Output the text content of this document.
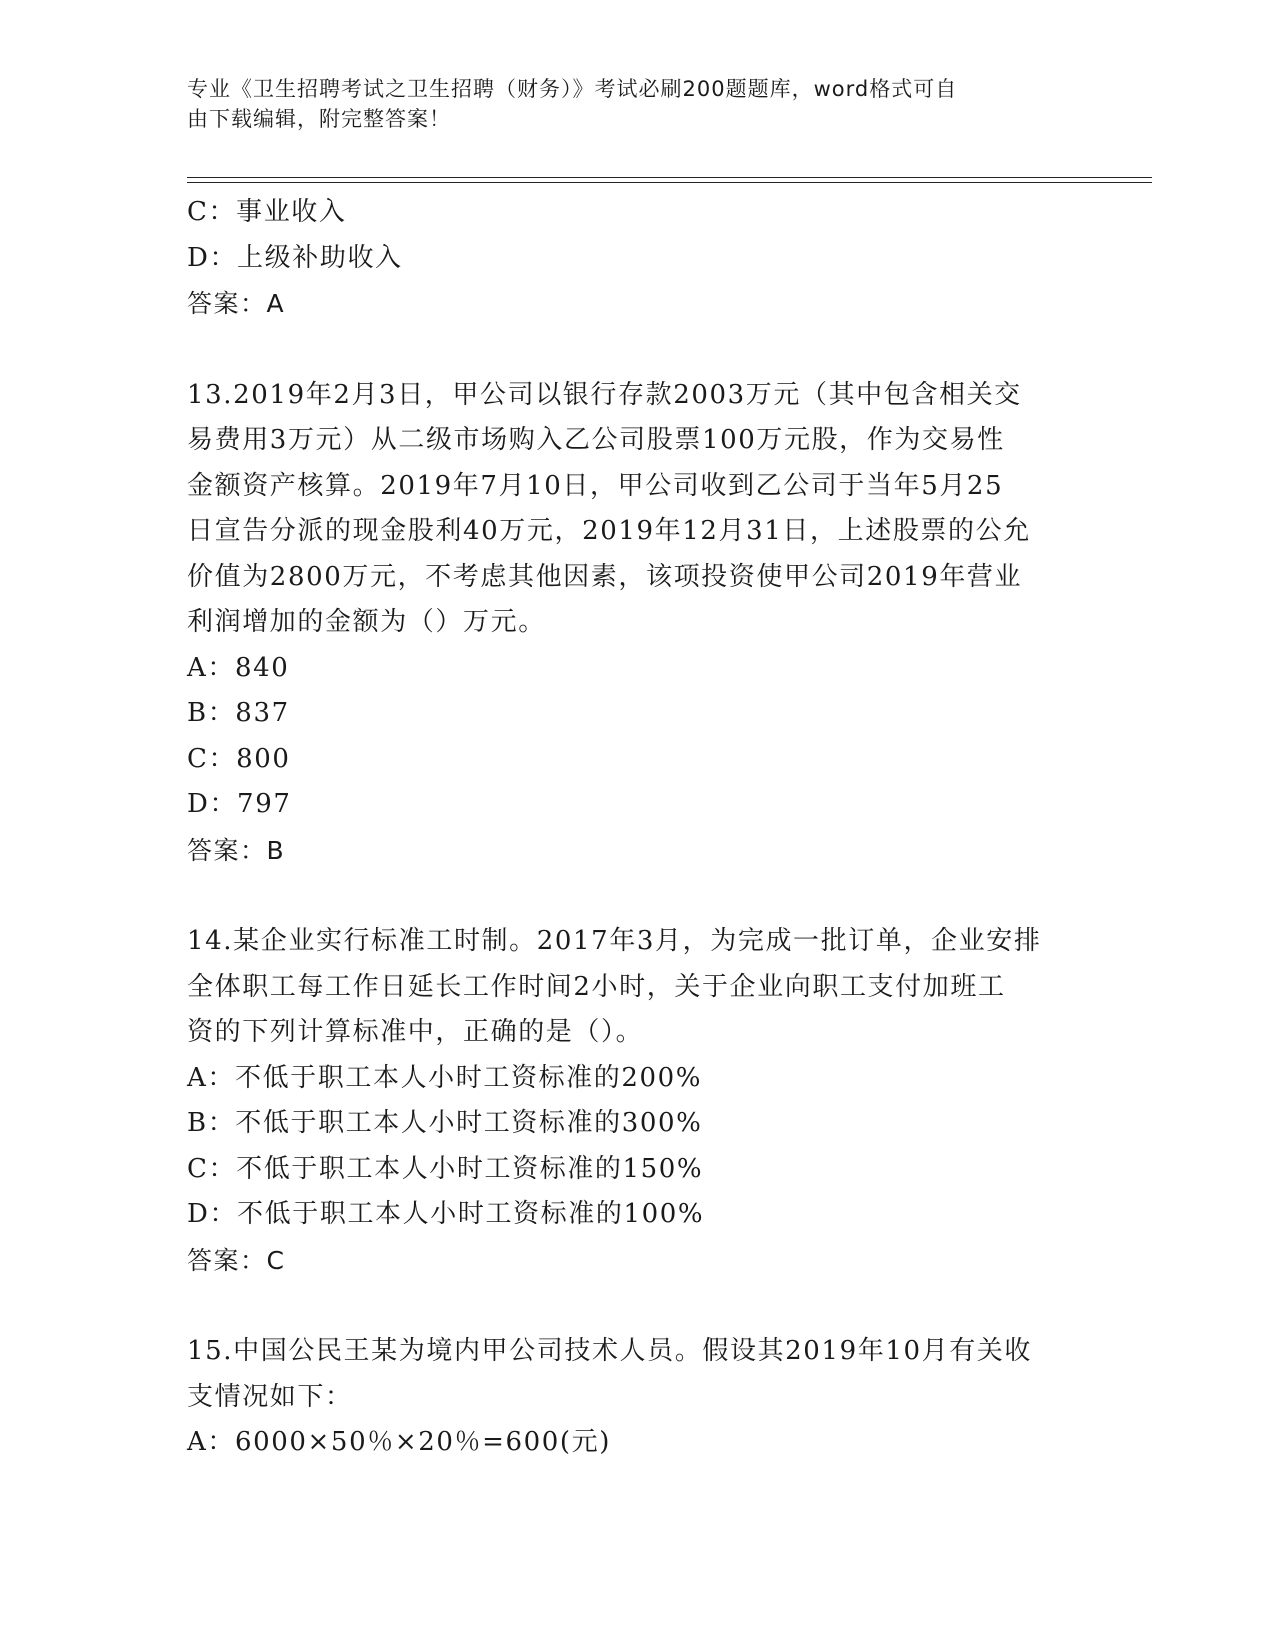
专业《卫生招聘考试之卫生招聘（财务）》考试必刷200题题库，word格式可自
由下载编辑，附完整答案！
C：事业收入
D：上级补助收入
答案：A
13.2019年2月3日，甲公司以银行存款2003万元（其中包含相关交
易费用3万元）从二级市场购入乙公司股票100万元股，作为交易性
金额资产核算。2019年7月10日，甲公司收到乙公司于当年5月25
日宣告分派的现金股利40万元，2019年12月31日，上述股票的公允
价值为2800万元，不考虑其他因素，该项投资使甲公司2019年营业
利润增加的金额为（）万元。
A：840
B：837
C：800
D：797
答案：B
14.某企业实行标准工时制。2017年3月，为完成一批订单，企业安排
全体职工每工作日延长工作时间2小时，关于企业向职工支付加班工
资的下列计算标准中，正确的是（）。
A：不低于职工本人小时工资标准的200%
B：不低于职工本人小时工资标准的300%
C：不低于职工本人小时工资标准的150%
D：不低于职工本人小时工资标准的100%
答案：C
15.中国公民王某为境内甲公司技术人员。假设其2019年10月有关收
支情况如下：
A：6000×50％×20％=600(元)
